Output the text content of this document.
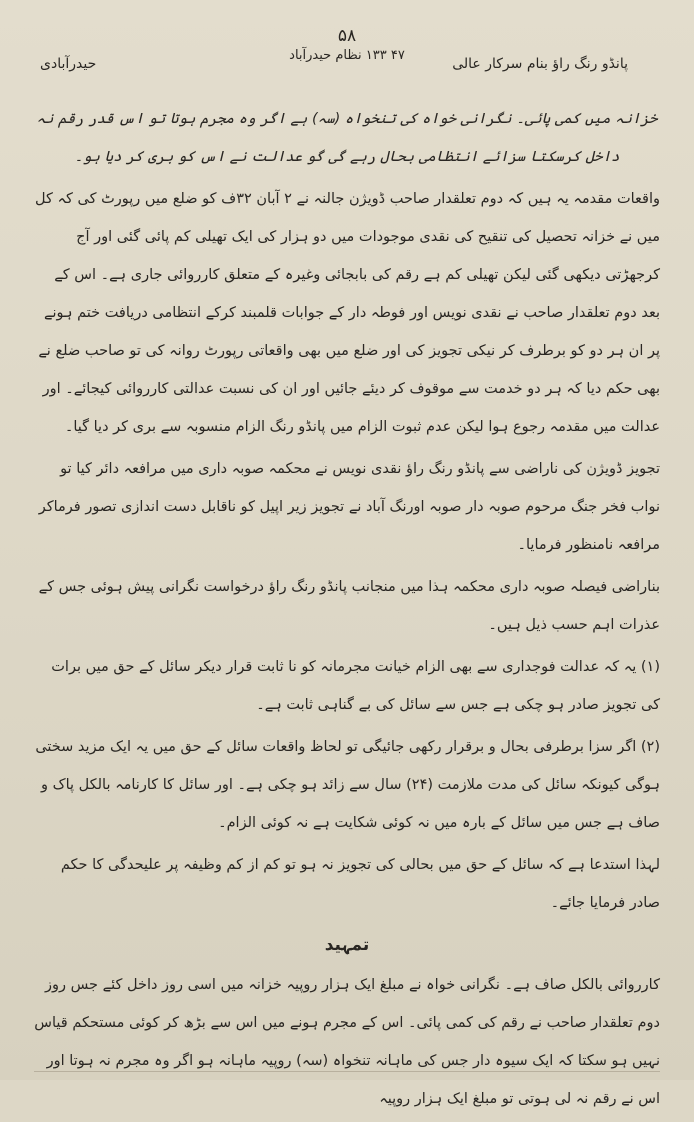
پانڈو رنگ راؤ بنام سرکار عالی
۵۸
۴۷ ۱۳۳ نظام حیدرآباد
حیدرآبادی

خزانہ میں کمی پائی۔ نگرانی خواہ کی تنخواہ (سہ) ہے اگر وہ مجرم ہوتا تو اس قدر رقم نہ داخل کرسکتا سزائے انتظامی بحال رہے گی گو عدالت نے اس کو بری کر دیا ہو۔

واقعات مقدمہ یہ ہیں کہ دوم تعلقدار صاحب ڈویژن جالنہ نے ۲ آبان ۳۲ف کو ضلع میں رپورٹ کی کہ کل میں نے خزانہ تحصیل کی تنقیح کی نقدی موجودات میں دو ہزار کی ایک تھیلی کم پائی گئی اور آج کرجھڑتی دیکھی گئی لیکن تھیلی کم ہے رقم کی بابجائی وغیرہ کے متعلق کارروائی جاری ہے۔ اس کے بعد دوم تعلقدار صاحب نے نقدی نویس اور فوطہ دار کے جوابات قلمبند کرکے انتظامی دریافت ختم ہونے پر ان ہر دو کو برطرف کر نیکی تجویز کی اور ضلع میں بھی واقعاتی رپورٹ روانہ کی تو صاحب ضلع نے بھی حکم دیا کہ ہر دو خدمت سے موقوف کر دیئے جائیں اور ان کی نسبت عدالتی کارروائی کیجائے۔ اور عدالت میں مقدمہ رجوع ہوا لیکن عدم ثبوت الزام میں پانڈو رنگ الزام منسوبہ سے بری کر دیا گیا۔

تجویز ڈویژن کی ناراضی سے پانڈو رنگ راؤ نقدی نویس نے محکمہ صوبہ داری میں مرافعہ دائر کیا تو نواب فخر جنگ مرحوم صوبہ دار صوبہ اورنگ آباد نے تجویز زیر اپیل کو ناقابل دست اندازی تصور فرماکر مرافعہ نامنظور فرمایا۔

بناراضی فیصلہ صوبہ داری محکمہ ہذا میں منجانب پانڈو رنگ راؤ درخواست نگرانی پیش ہوئی جس کے عذرات اہم حسب ذیل ہیں۔

(۱) یہ کہ عدالت فوجداری سے بھی الزام خیانت مجرمانہ کو نا ثابت قرار دیکر سائل کے حق میں برات کی تجویز صادر ہو چکی ہے جس سے سائل کی بے گناہی ثابت ہے۔

(۲) اگر سزا برطرفی بحال و برقرار رکھی جائیگی تو لحاظ واقعات سائل کے حق میں یہ ایک مزید سختی ہوگی کیونکہ سائل کی مدت ملازمت (۲۴) سال سے زائد ہو چکی ہے۔ اور سائل کا کارنامہ بالکل پاک و صاف ہے جس میں سائل کے بارہ میں نہ کوئی شکایت ہے نہ کوئی الزام۔

لہذا استدعا ہے کہ سائل کے حق میں بحالی کی تجویز نہ ہو تو کم از کم وظیفہ پر علیحدگی کا حکم صادر فرمایا جائے۔

تمہید

کارروائی بالکل صاف ہے۔ نگرانی خواہ نے مبلغ ایک ہزار روپیہ خزانہ میں اسی روز داخل کئے جس روز دوم تعلقدار صاحب نے رقم کی کمی پائی۔ اس کے مجرم ہونے میں اس سے بڑھ کر کوئی مستحکم قیاس نہیں ہو سکتا کہ ایک سیوہ دار جس کی ماہانہ تنخواہ (سہ) روپیہ ماہانہ ہو اگر وہ مجرم نہ ہوتا اور اس نے رقم نہ لی ہوتی تو مبلغ ایک ہزار روپیہ
